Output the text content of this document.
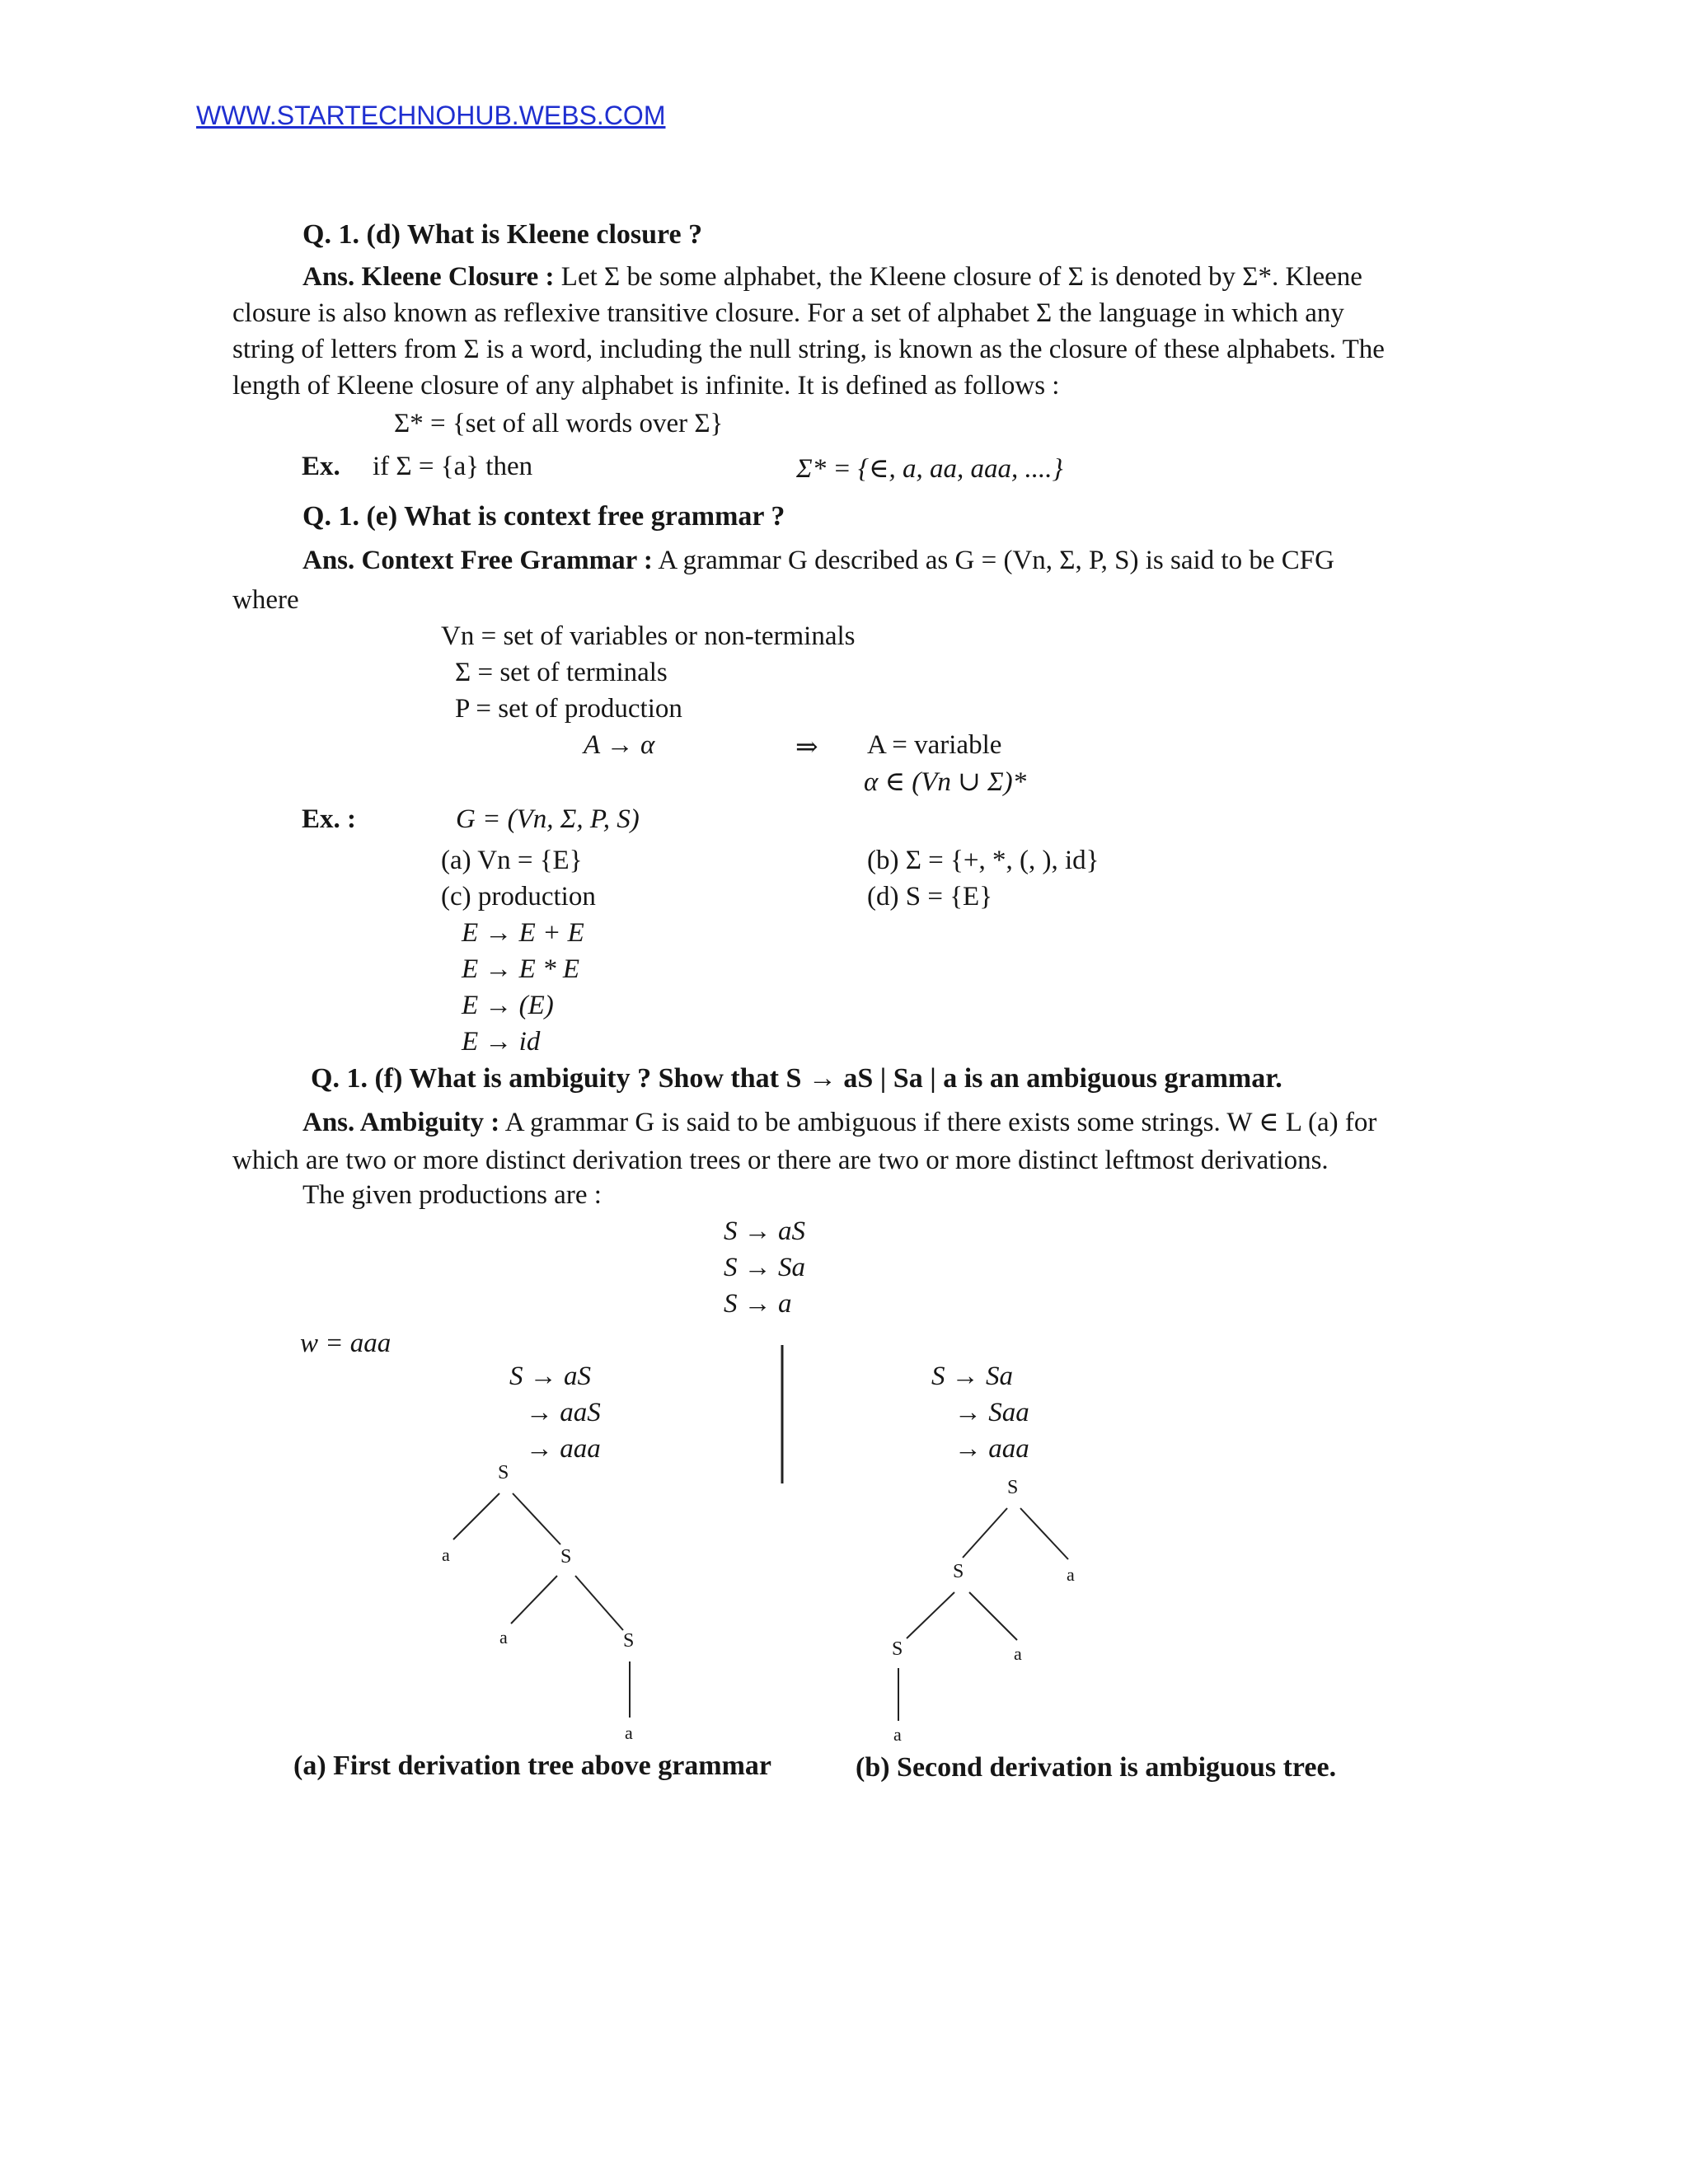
WWW.STARTECHNOHUB.WEBS.COM
Q. 1. (d) What is Kleene closure ?
Ans. Kleene Closure : Let Σ be some alphabet, the Kleene closure of Σ is denoted by Σ*. Kleene
closure is also known as reflexive transitive closure. For a set of alphabet Σ the language in which any
string of letters from Σ is a word, including the null string, is known as the closure of these alphabets. The
length of Kleene closure of any alphabet is infinite. It is defined as follows :
Σ* = {set of all words over Σ}
Ex. if Σ = {a} then	Σ* = {∈, a, aa, aaa, ....}
Q. 1. (e) What is context free grammar ?
Ans. Context Free Grammar : A grammar G described as G = (Vn, Σ, P, S) is said to be CFG
where
Vn = set of variables or non-terminals
Σ = set of terminals
P = set of production
A → α	⇒ A = variable
α ∈ (Vn ∪ Σ)*
Ex. :	G = (Vn, Σ, P, S)
(a) Vn = {E}	(b) Σ = {+, *, (, ), id}
(c) production	(d) S = {E}
E → E + E
E → E * E
E → (E)
E → id
Q. 1. (f) What is ambiguity ? Show that S → aS | Sa | a is an ambiguous grammar.
Ans. Ambiguity : A grammar G is said to be ambiguous if there exists some strings. W ∈ L (a) for
which are two or more distinct derivation trees or there are two or more distinct leftmost derivations.
The given productions are :
S → aS
S → Sa
S → a
w = aaa
S → aS
→ aaS
→ aaa
S → Sa
→ Saa
→ aaa
S
a	S
a	S
a
S
S	a
S	a
a
(a) First derivation tree above grammar	(b) Second derivation is ambiguous tree.
